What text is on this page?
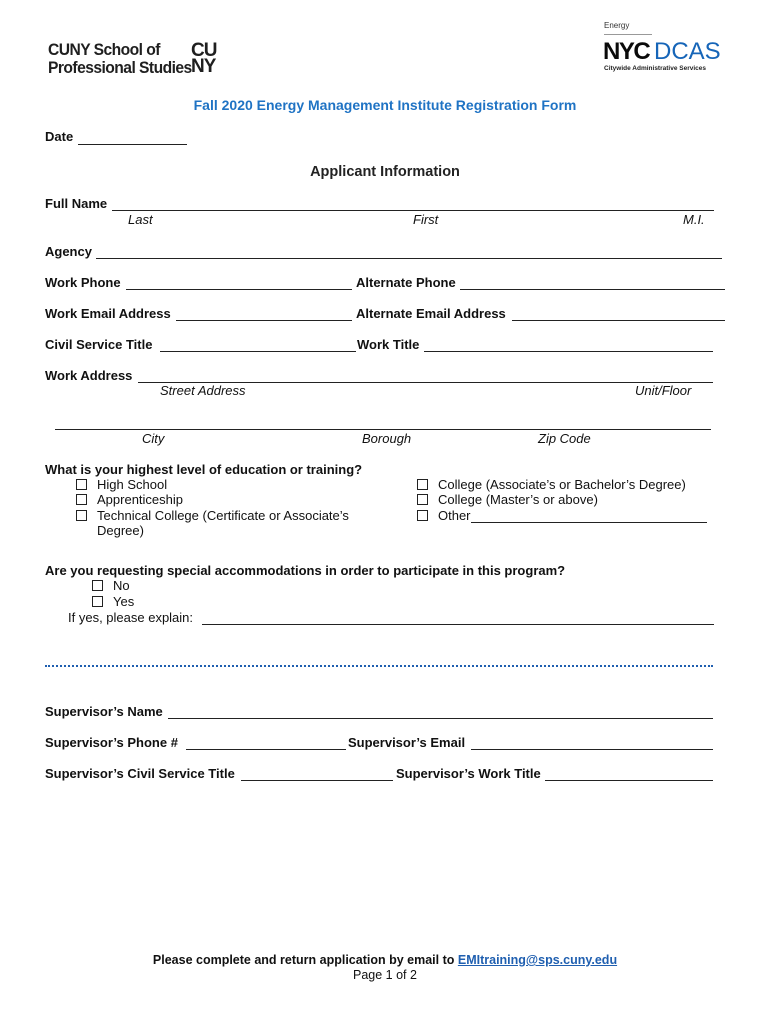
CUNY School of
Professional Studies
CU
NY
Energy
NYC DCAS
Citywide Administrative Services
Fall 2020 Energy Management Institute Registration Form
Date
Applicant Information
Full Name
Last	First	M.I.
Agency
Work Phone	Alternate Phone
Work Email Address	Alternate Email Address
Civil Service Title	Work Title
Work Address
Street Address	Unit/Floor
City	Borough	Zip Code
What is your highest level of education or training?
High School
Apprenticeship
Technical College (Certificate or Associate’s
Degree)
College (Associate’s or Bachelor’s Degree)
College (Master’s or above)
Other
Are you requesting special accommodations in order to participate in this program?
No
Yes
If yes, please explain:
Supervisor’s Name
Supervisor’s Phone #	Supervisor’s Email
Supervisor’s Civil Service Title	Supervisor’s Work Title
Please complete and return application by email to EMItraining@sps.cuny.edu
Page 1 of 2
